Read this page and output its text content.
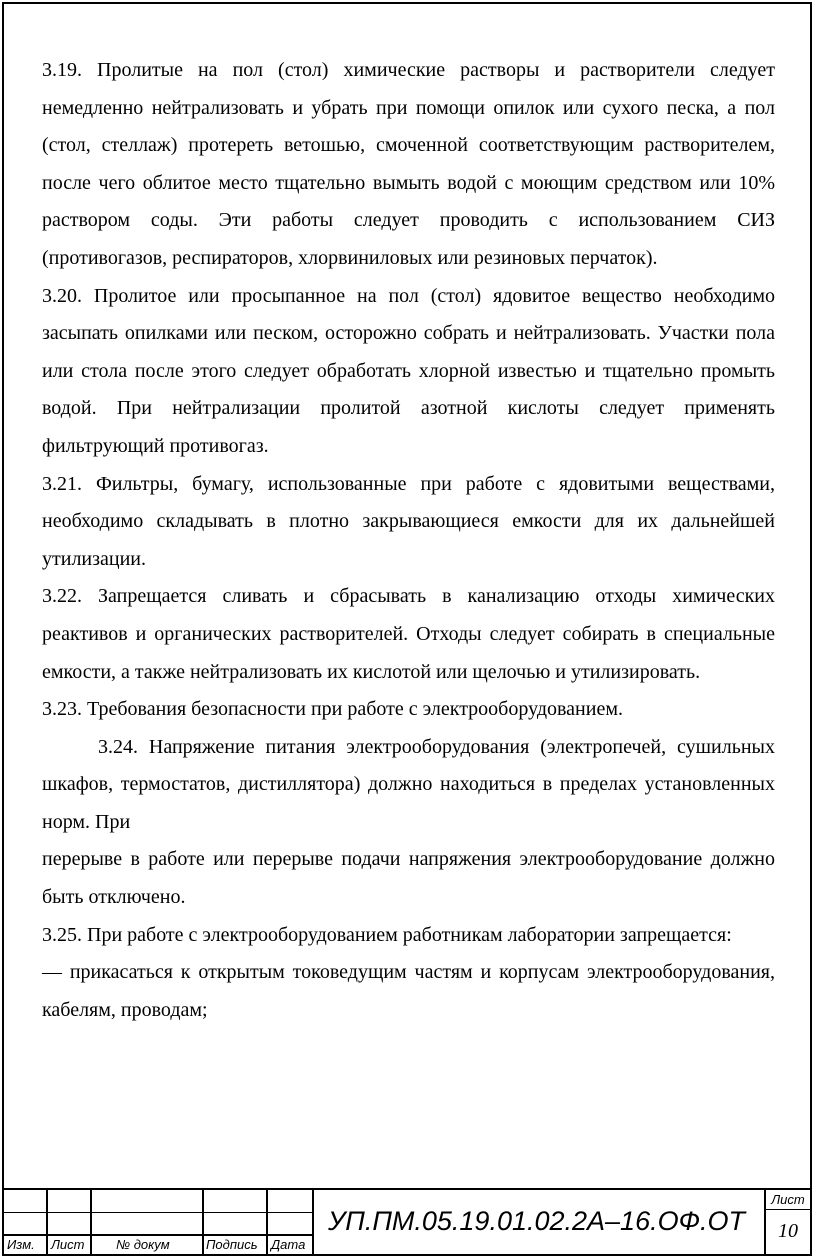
3.19. Пролитые на пол (стол) химические растворы и растворители следует немедленно нейтрализовать и убрать при помощи опилок или сухого песка, а пол (стол, стеллаж) протереть ветошью, смоченной соответствующим растворителем, после чего облитое место тщательно вымыть водой с моющим средством или 10% раствором соды. Эти работы следует проводить с использованием СИЗ (противогазов, респираторов, хлорвиниловых или резиновых перчаток).

3.20. Пролитое или просыпанное на пол (стол) ядовитое вещество необходимо засыпать опилками или песком, осторожно собрать и нейтрализовать. Участки пола или стола после этого следует обработать хлорной известью и тщательно промыть водой. При нейтрализации пролитой азотной кислоты следует применять фильтрующий противогаз.

3.21. Фильтры, бумагу, использованные при работе с ядовитыми веществами, необходимо складывать в плотно закрывающиеся емкости для их дальнейшей утилизации.

3.22. Запрещается сливать и сбрасывать в канализацию отходы химических реактивов и органических растворителей. Отходы следует собирать в специальные емкости, а также нейтрализовать их кислотой или щелочью и утилизировать.

3.23. Требования безопасности при работе с электрооборудованием.

3.24. Напряжение питания электрооборудования (электропечей, сушильных шкафов, термостатов, дистиллятора) должно находиться в пределах установленных норм. При

перерыве в работе или перерыве подачи напряжения электрооборудование должно быть отключено.

3.25. При работе с электрооборудованием работникам лаборатории запрещается:

— прикасаться к открытым токоведущим частям и корпусам электрооборудования, кабелям, проводам;

Изм. Лист № докум	Подпись Дата
УП.ПМ.05.19.01.02.2А–16.ОФ.ОТ
Лист
10
